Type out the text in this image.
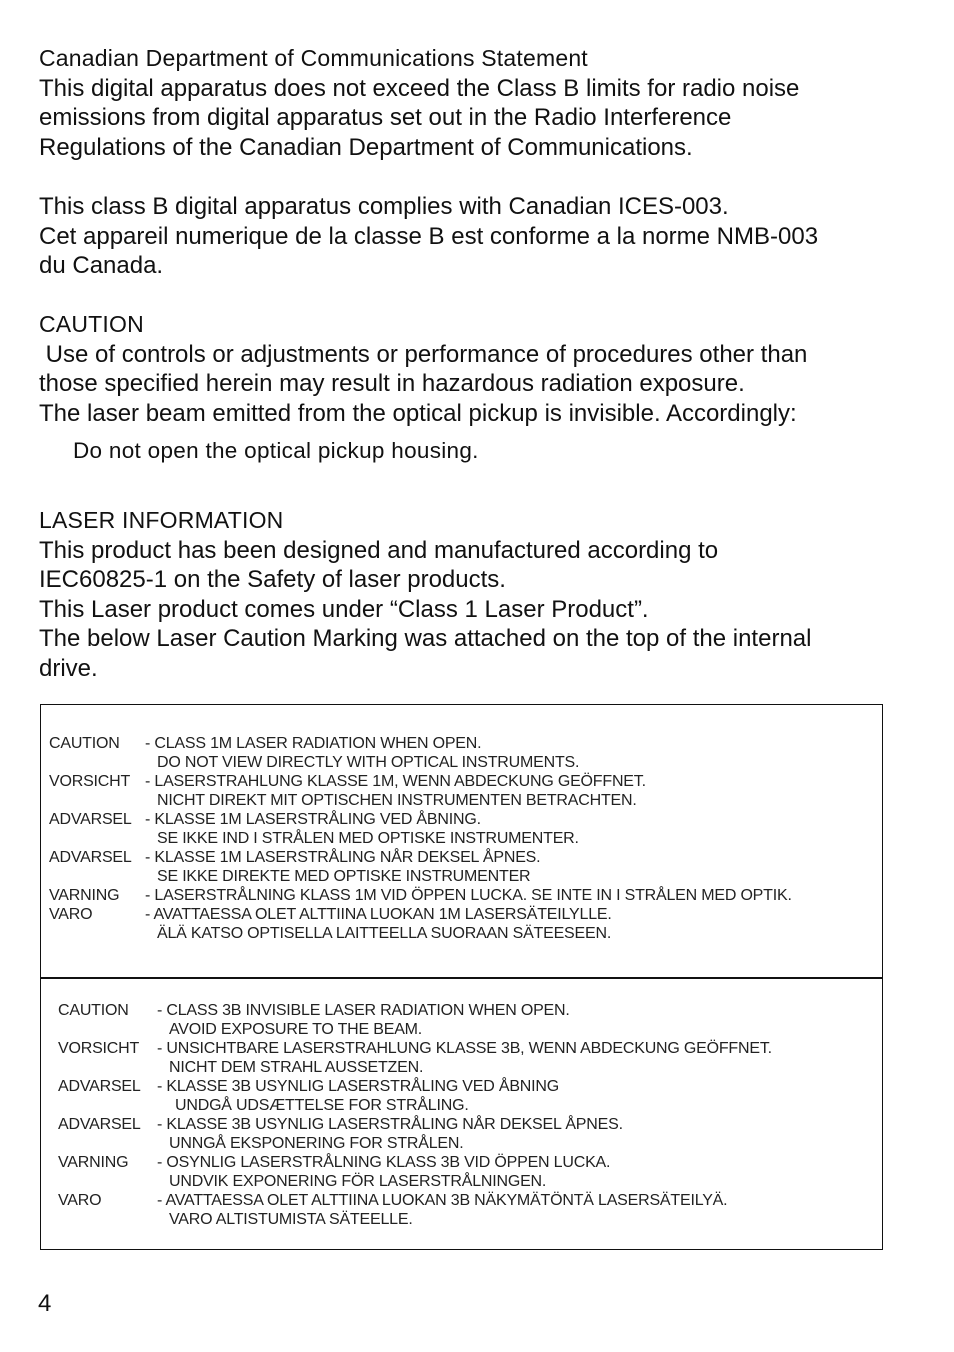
Canadian Department of Communications Statement
This digital apparatus does not exceed the Class B limits for radio noise
emissions from digital apparatus set out in the Radio Interference
Regulations of the Canadian Department of Communications.
This class B digital apparatus complies with Canadian ICES-003.
Cet appareil numerique de la classe B est conforme a la norme NMB-003
du Canada.
CAUTION
Use of controls or adjustments or performance of procedures other than
those specified herein may result in hazardous radiation exposure.
The laser beam emitted from the optical pickup is invisible. Accordingly:
Do not open the optical pickup housing.
LASER INFORMATION
This product has been designed and manufactured according to
IEC60825-1 on the Safety of laser products.
This Laser product comes under “Class 1 Laser Product”.
The below Laser Caution Marking was attached on the top of the internal
drive.
CAUTION - CLASS 1M LASER RADIATION WHEN OPEN.
DO NOT VIEW DIRECTLY WITH OPTICAL INSTRUMENTS.
VORSICHT - LASERSTRAHLUNG KLASSE 1M, WENN ABDECKUNG GEÖFFNET.
NICHT DIREKT MIT OPTISCHEN INSTRUMENTEN BETRACHTEN.
ADVARSEL - KLASSE 1M LASERSTRÅLING VED ÅBNING.
SE IKKE IND I STRÅLEN MED OPTISKE INSTRUMENTER.
ADVARSEL - KLASSE 1M LASERSTRÅLING NÅR DEKSEL ÅPNES.
SE IKKE DIREKTE MED OPTISKE INSTRUMENTER
VARNING - LASERSTRÅLNING KLASS 1M VID ÖPPEN LUCKA. SE INTE IN I STRÅLEN MED OPTIK.
VARO	- AVATTAESSA OLET ALTTIINA LUOKAN 1M LASERSÄTEILYLLE.
ÄLÄ KATSO OPTISELLA LAITTEELLA SUORAAN SÄTEESEEN.
CAUTION - CLASS 3B INVISIBLE LASER RADIATION WHEN OPEN.
AVOID EXPOSURE TO THE BEAM.
VORSICHT - UNSICHTBARE LASERSTRAHLUNG KLASSE 3B, WENN ABDECKUNG GEÖFFNET.
NICHT DEM STRAHL AUSSETZEN.
ADVARSEL - KLASSE 3B USYNLIG LASERSTRÅLING VED ÅBNING
UNDGÅ UDSÆTTELSE FOR STRÅLING.
ADVARSEL - KLASSE 3B USYNLIG LASERSTRÅLING NÅR DEKSEL ÅPNES.
UNNGÅ EKSPONERING FOR STRÅLEN.
VARNING - OSYNLIG LASERSTRÅLNING KLASS 3B VID ÖPPEN LUCKA.
UNDVIK EXPONERING FÖR LASERSTRÅLNINGEN.
VARO	- AVATTAESSA OLET ALTTIINA LUOKAN 3B NÄKYMÄTÖNTÄ LASERSÄTEILYÄ.
VARO ALTISTUMISTA SÄTEELLE.
4
